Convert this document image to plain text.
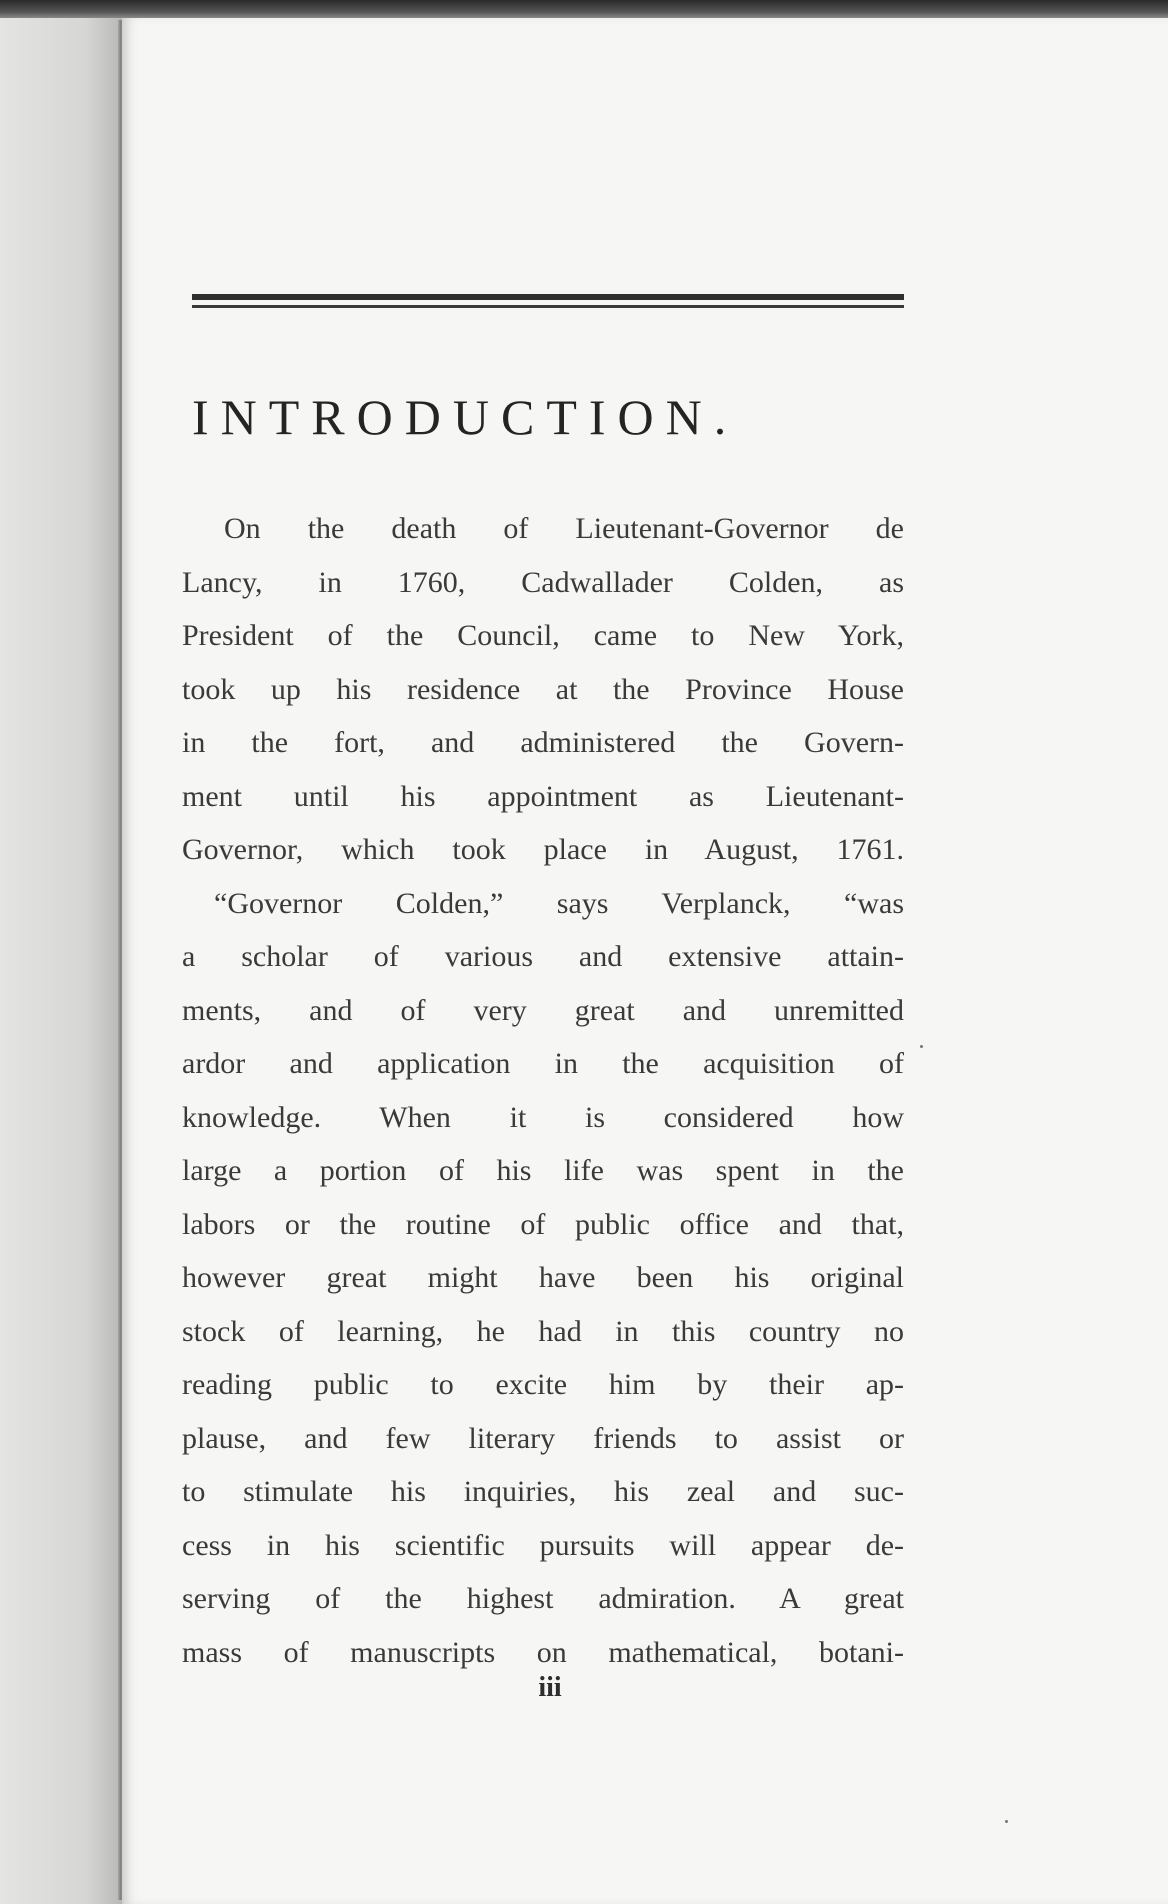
INTRODUCTION.
On the death of Lieutenant-Governor de
Lancy, in 1760, Cadwallader Colden, as
President of the Council, came to New York,
took up his residence at the Province House
in the fort, and administered the Govern-
ment until his appointment as Lieutenant-
Governor, which took place in August, 1761.
“Governor Colden,” says Verplanck, “was
a scholar of various and extensive attain-
ments, and of very great and unremitted
ardor and application in the acquisition of
knowledge. When it is considered how
large a portion of his life was spent in the
labors or the routine of public office and that,
however great might have been his original
stock of learning, he had in this country no
reading public to excite him by their ap-
plause, and few literary friends to assist or
to stimulate his inquiries, his zeal and suc-
cess in his scientific pursuits will appear de-
serving of the highest admiration. A great
mass of manuscripts on mathematical, botani-
iii
